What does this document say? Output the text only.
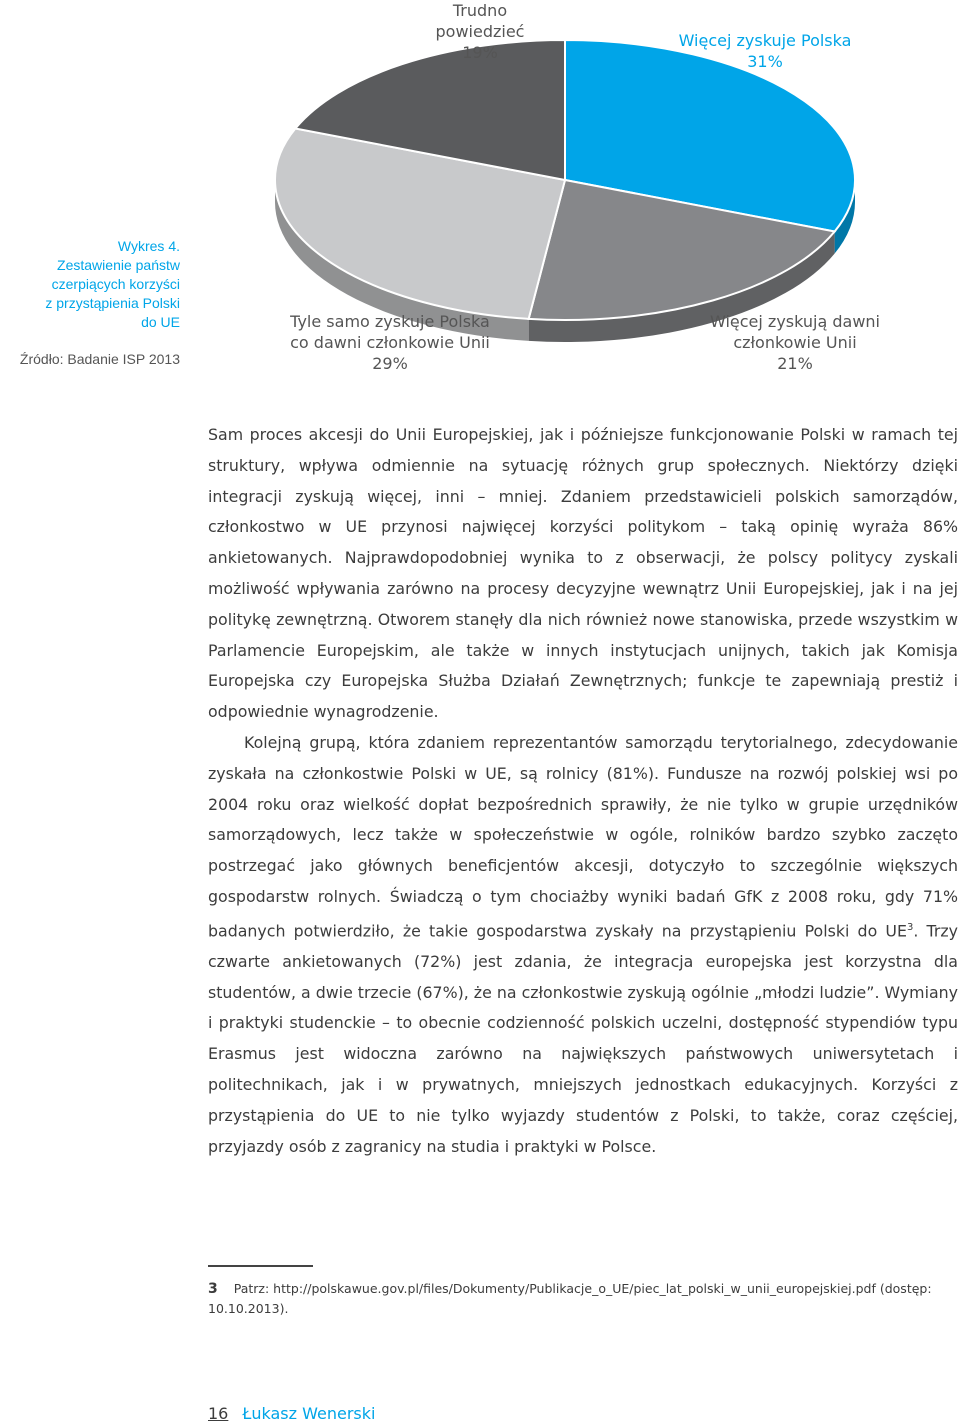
Wykres 4.
Zestawienie państw
czerpiących korzyści
z przystąpienia Polski
do UE
Źródło: Badanie ISP 2013
Trudno
powiedzieć
19%
Więcej zyskuje Polska
31%
Tyle samo zyskuje Polska
co dawni członkowie Unii
29%
Więcej zyskują dawni
członkowie Unii
21%

Sam proces akcesji do Unii Europejskiej, jak i późniejsze funkcjonowanie Polski w ramach tej struktury, wpływa odmiennie na sytuację różnych grup społecznych. Niektórzy dzięki integracji zyskują więcej, inni – mniej. Zdaniem przedstawicieli polskich samorządów, członkostwo w UE przynosi najwięcej korzyści politykom – taką opinię wyraża 86% ankietowanych. Najprawdopodobniej wynika to z obserwacji, że polscy politycy zyskali możliwość wpływania zarówno na procesy decyzyjne wewnątrz Unii Europejskiej, jak i na jej politykę zewnętrzną. Otworem stanęły dla nich również nowe stanowiska, przede wszystkim w Parlamencie Europejskim, ale także w innych instytucjach unijnych, takich jak Komisja Europejska czy Europejska Służba Działań Zewnętrznych; funkcje te zapewniają prestiż i odpowiednie wynagrodzenie.

Kolejną grupą, która zdaniem reprezentantów samorządu terytorialnego, zdecydowanie zyskała na członkostwie Polski w UE, są rolnicy (81%). Fundusze na rozwój polskiej wsi po 2004 roku oraz wielkość dopłat bezpośrednich sprawiły, że nie tylko w grupie urzędników samorządowych, lecz także w społeczeństwie w ogóle, rolników bardzo szybko zaczęto postrzegać jako głównych beneficjentów akcesji, dotyczyło to szczególnie większych gospodarstw rolnych. Świadczą o tym chociażby wyniki badań GfK z 2008 roku, gdy 71% badanych potwierdziło, że takie gospodarstwa zyskały na przystąpieniu Polski do $UE^3$. Trzy czwarte ankietowanych (72%) jest zdania, że integracja europejska jest korzystna dla studentów, a dwie trzecie (67%), że na członkostwie zyskują ogólnie „młodzi ludzie”. Wymiany i praktyki studenckie – to obecnie codzienność polskich uczelni, dostępność stypendiów typu Erasmus jest widoczna zarówno na największych państwowych uniwersytetach i politechnikach, jak i w prywatnych, mniejszych jednostkach edukacyjnych. Korzyści z przystąpienia do UE to nie tylko wyjazdy studentów z Polski, to także, coraz częściej, przyjazdy osób z zagranicy na studia i praktyki w Polsce.

3 Patrz: http://polskawue.gov.pl/files/Dokumenty/Publikacje_o_UE/piec_lat_polski_w_unii_europejskiej.pdf (dostęp: 10.10.2013).
16 Łukasz Wenerski
